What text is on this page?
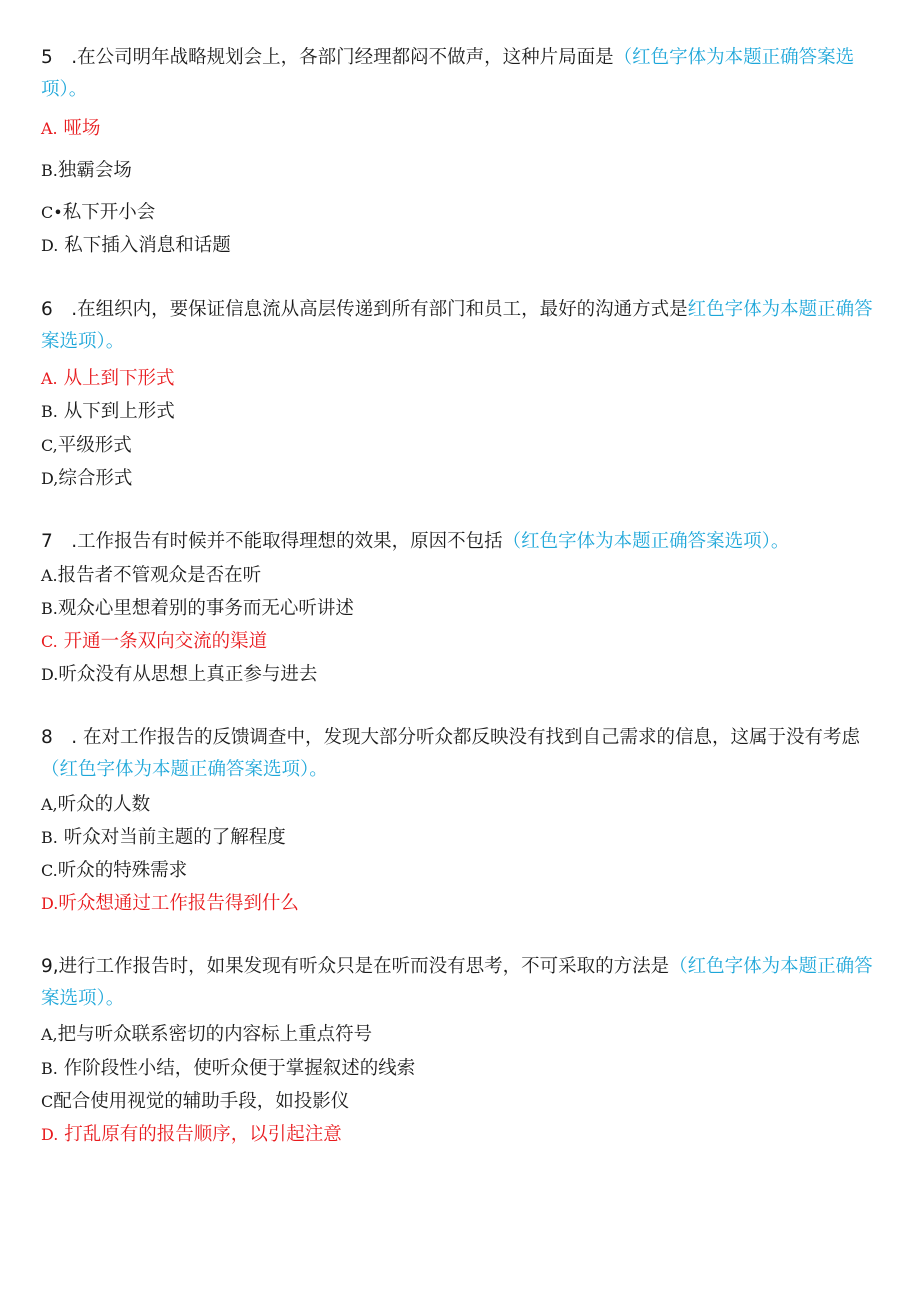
5　.在公司明年战略规划会上，各部门经理都闷不做声，这种片局面是（红色字体为本题正确答案选项）。

A. 哑场
B.独霸会场
C•私下开小会
D. 私下插入消息和话题

6　.在组织内，要保证信息流从高层传递到所有部门和员工，最好的沟通方式是红色字体为本题正确答案选项）。

A. 从上到下形式
B. 从下到上形式
C,平级形式
D,综合形式

7　.工作报告有时候并不能取得理想的效果，原因不包括（红色字体为本题正确答案选项）。

A.报告者不管观众是否在听
B.观众心里想着别的事务而无心听讲述
C. 开通一条双向交流的渠道
D.听众没有从思想上真正参与进去

8　. 在对工作报告的反馈调查中，发现大部分听众都反映没有找到自己需求的信息，这属于没有考虑（红色字体为本题正确答案选项）。

A,听众的人数
B. 听众对当前主题的了解程度
C.听众的特殊需求
D.听众想通过工作报告得到什么

9,进行工作报告时，如果发现有听众只是在听而没有思考，不可采取的方法是（红色字体为本题正确答案选项）。

A,把与听众联系密切的内容标上重点符号
B. 作阶段性小结，使听众便于掌握叙述的线索
C配合使用视觉的辅助手段，如投影仪
D. 打乱原有的报告顺序，以引起注意
